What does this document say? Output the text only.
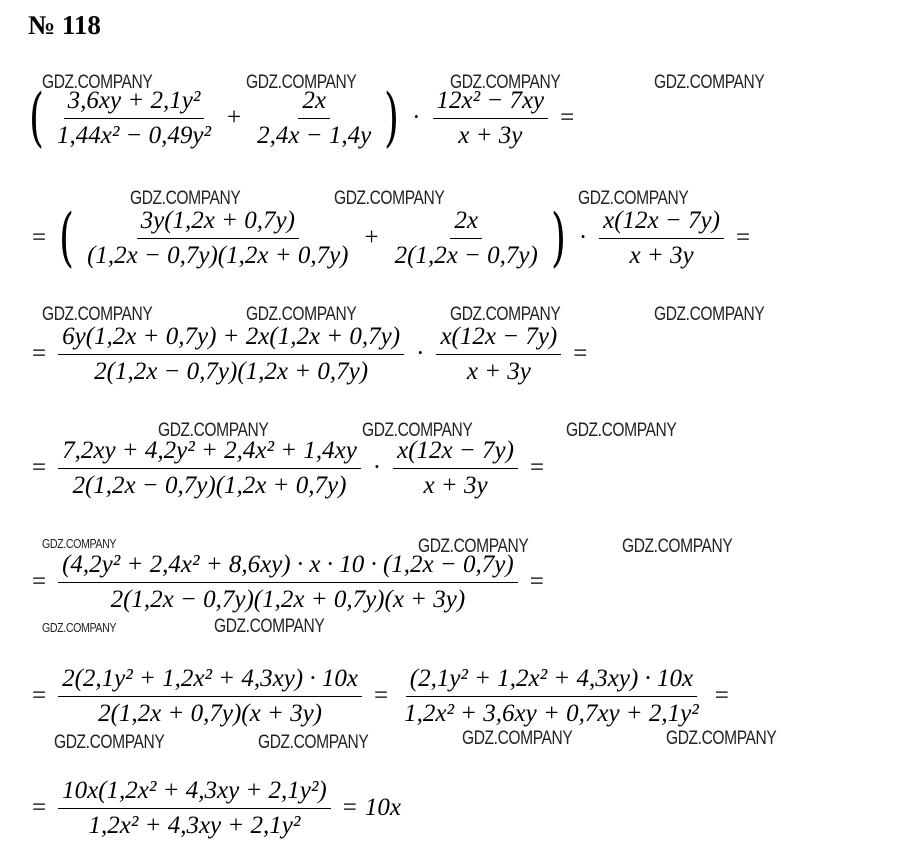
№ 118
( $\frac{\text{3,6xy + 2,1y²}}{\text{1,44x² − 0,49y²}} + \frac{2x}{2,4x - 1,4y}$ ) · $\frac{\text{12x² − 7xy}}{x + 3y}$ =
= ( $\frac{3y(1,2x + 0,7y)}{(1,2x - 0,7y)(1,2x + 0,7y)} + \frac{2x}{2(1,2x - 0,7y)}$ ) · $\frac{x(12x - 7y)}{x + 3y}$ =
= $\frac{6y(1,2x + 0,7y) + 2x(1,2x + 0,7y)}{2(1,2x - 0,7y)(1,2x + 0,7y)} \cdot \frac{x(12x - 7y)}{x + 3y}$ =
= $\frac{\text{7,2xy + 4,2y² + 2,4x² + 1,4xy}}{2(1,2x - 0,7y)(1,2x + 0,7y)} \cdot \frac{x(12x - 7y)}{x + 3y}$ =
= $\frac{\text{(4,2y² + 2,4x² + 8,6xy) · x · 10 · (1,2x − 0,7y)}}{2(1,2x - 0,7y)(1,2x + 0,7y)(x + 3y)}$ =
= $\frac{\text{2(2,1y² + 1,2x² + 4,3xy) · 10x}}{2(1,2x + 0,7y)(x + 3y)} = \frac{\text{(2,1y² + 1,2x² + 4,3xy) · 10x}}{\text{1,2x² + 3,6xy + 0,7xy + 2,1y²}}$ =
= $\frac{\text{10x(1,2x² + 4,3xy + 2,1y²)}}{\text{1,2x² + 4,3xy + 2,1y²}} = 10x$
GDZ.COMPANY	GDZ.COMPANY	GDZ.COMPANY	GDZ.COMPANY
GDZ.COMPANY	GDZ.COMPANY	GDZ.COMPANY
GDZ.COMPANY	GDZ.COMPANY	GDZ.COMPANY	GDZ.COMPANY
GDZ.COMPANY	GDZ.COMPANY	GDZ.COMPANY
GDZ.COMPANY	GDZ.COMPANY	GDZ.COMPANY
GDZ.COMPANY	GDZ.COMPANY
GDZ.COMPANY	GDZ.COMPANY	GDZ.COMPANY	GDZ.COMPANY
